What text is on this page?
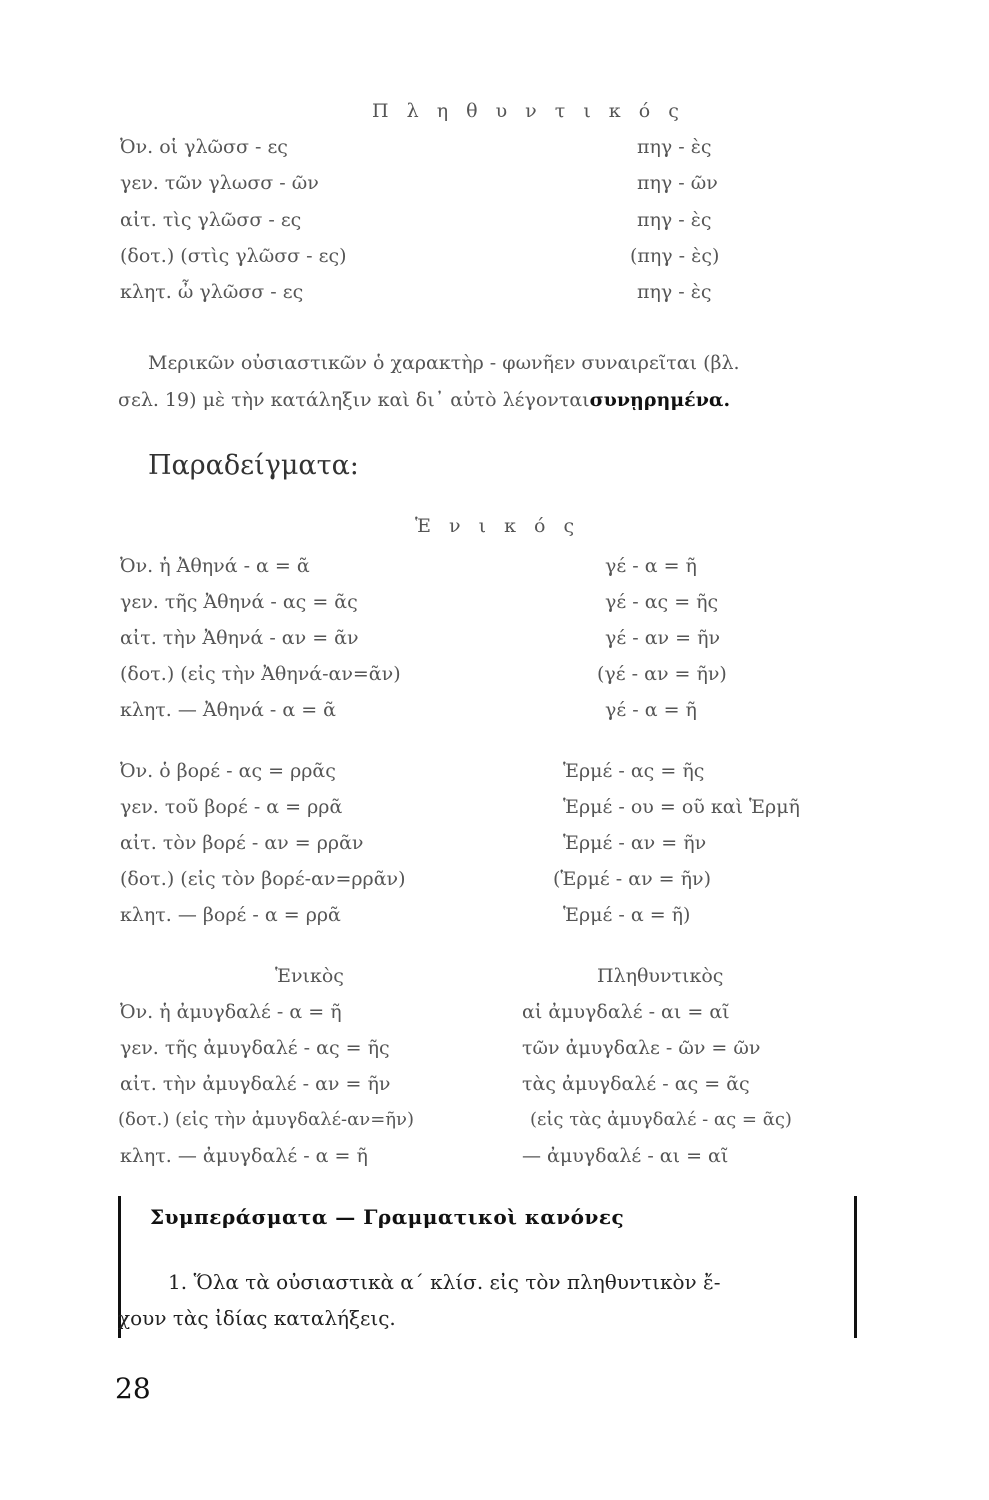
Π λ η θ υ ν τ ι κ ό ς
Ὀν. οἱ γλῶσσ - ες	πηγ - ὲς
γεν. τῶν γλωσσ - ῶν	πηγ - ῶν
αἰτ. τὶς γλῶσσ - ες	πηγ - ὲς
(δοτ.) (στὶς γλῶσσ - ες)	(πηγ - ὲς)
κλητ. ὦ γλῶσσ - ες	πηγ - ὲς
Μερικῶν οὐσιαστικῶν ὁ χαρακτὴρ - φωνῆεν συναιρεῖται (βλ.
σελ. 19) μὲ τὴν κατάληξιν καὶ δι᾽ αὐτὸ λέγονταισυνῃρημένα.
Παραδείγματα:
Ἑ ν ι κ ό ς
Ὀν. ἡ Ἀθηνά - α = ᾶ	γέ - α = ῆ
γεν. τῆς Ἀθηνά - ας = ᾶς	γέ - ας = ῆς
αἰτ. τὴν Ἀθηνά - αν = ᾶν	γέ - αν = ῆν
(δοτ.) (εἰς τὴν Ἀθηνά-αν=ᾶν)	(γέ - αν = ῆν)
κλητ. — Ἀθηνά - α = ᾶ	γέ - α = ῆ
Ὀν. ὁ βορέ - ας = ρρᾶς	Ἑρμέ - ας = ῆς
γεν. τοῦ βορέ - α = ρρᾶ	Ἑρμέ - ου = οῦ καὶ Ἑρμῆ
αἰτ. τὸν βορέ - αν = ρρᾶν	Ἑρμέ - αν = ῆν
(δοτ.) (εἰς τὸν βορέ-αν=ρρᾶν)	(Ἑρμέ - αν = ῆν)
κλητ. — βορέ - α = ρρᾶ	Ἑρμέ - α = ῆ)
Ἑνικὸς	Πληθυντικὸς
Ὀν. ἡ ἀμυγδαλέ - α = ῆ	αἱ ἀμυγδαλέ - αι = αῖ
γεν. τῆς ἀμυγδαλέ - ας = ῆς	τῶν ἀμυγδαλε - ῶν = ῶν
αἰτ. τὴν ἀμυγδαλέ - αν = ῆν	τὰς ἀμυγδαλέ - ας = ᾶς
(δοτ.) (εἰς τὴν ἀμυγδαλέ-αν=ῆν)	(εἰς τὰς ἀμυγδαλέ - ας = ᾶς)
κλητ. — ἀμυγδαλέ - α = ῆ	— ἀμυγδαλέ - αι = αῖ
Συμπεράσματα — Γραμματικοὶ κανόνες
1. Ὅλα τὰ οὐσιαστικὰ α΄ κλίσ. εἰς τὸν πληθυντικὸν ἔ-
χουν τὰς ἰδίας καταλήξεις.
28
